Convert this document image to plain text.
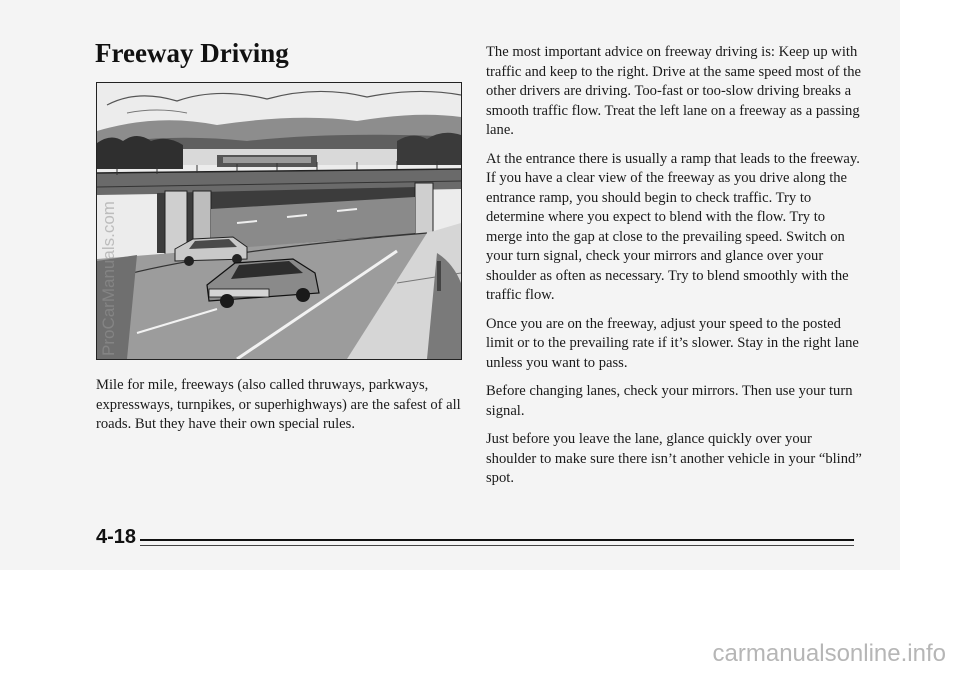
Freeway Driving

Mile for mile, freeways (also called thruways, parkways, expressways, turnpikes, or superhighways) are the safest of all roads. But they have their own special rules.

The most important advice on freeway driving is: Keep up with traffic and keep to the right. Drive at the same speed most of the other drivers are driving. Too-fast or too-slow driving breaks a smooth traffic flow. Treat the left lane on a freeway as a passing lane.

At the entrance there is usually a ramp that leads to the freeway. If you have a clear view of the freeway as you drive along the entrance ramp, you should begin to check traffic. Try to determine where you expect to blend with the flow. Try to merge into the gap at close to the prevailing speed. Switch on your turn signal, check your mirrors and glance over your shoulder as often as necessary. Try to blend smoothly with the traffic flow.

Once you are on the freeway, adjust your speed to the posted limit or to the prevailing rate if it’s slower. Stay in the right lane unless you want to pass.

Before changing lanes, check your mirrors. Then use your turn signal.

Just before you leave the lane, glance quickly over your shoulder to make sure there isn’t another vehicle in your “blind” spot.

4-18
ProCarManuals.com
carmanualsonline.info
